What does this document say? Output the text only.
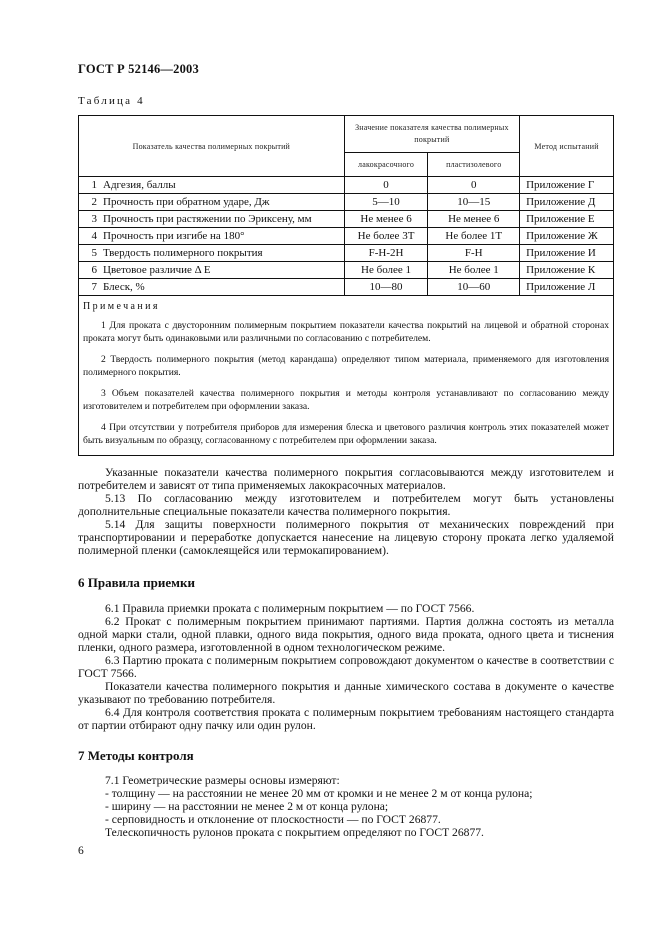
ГОСТ Р 52146—2003
Таблица 4
Показатель качества полимерных покрытий	Значение показателя качества полимерных покрытий		Метод испытаний
	лакокрасочного	пластизолевого	
1 Адгезия, баллы	0	0	Приложение Г
2 Прочность при обратном ударе, Дж	5—10	10—15	Приложение Д
3 Прочность при растяжении по Эриксену, мм	Не менее 6	Не менее 6	Приложение Е
4 Прочность при изгибе на 180°	Не более 3Т	Не более 1Т	Приложение Ж
5 Твердость полимерного покрытия	F-H-2H	F-H	Приложение И
6 Цветовое различие Δ E	Не более 1	Не более 1	Приложение К
7 Блеск, %	10—80	10—60	Приложение Л

Примечания

1 Для проката с двусторонним полимерным покрытием показатели качества покрытий на лицевой и обратной сторонах проката могут быть одинаковыми или различными по согласованию с потребителем.

2 Твердость полимерного покрытия (метод карандаша) определяют типом материала, применяемого для изготовления полимерного покрытия.

3 Объем показателей качества полимерного покрытия и методы контроля устанавливают по согласованию между изготовителем и потребителем при оформлении заказа.

4 При отсутствии у потребителя приборов для измерения блеска и цветового различия контроль этих показателей может быть визуальным по образцу, согласованному с потребителем при оформлении заказа.			

Указанные показатели качества полимерного покрытия согласовываются между изготовителем и потребителем и зависят от типа применяемых лакокрасочных материалов.

5.13 По согласованию между изготовителем и потребителем могут быть установлены дополнительные специальные показатели качества полимерного покрытия.

5.14 Для защиты поверхности полимерного покрытия от механических повреждений при транспортировании и переработке допускается нанесение на лицевую сторону проката легко удаляемой полимерной пленки (самоклеящейся или термокапированием).

6 Правила приемки

6.1 Правила приемки проката с полимерным покрытием — по ГОСТ 7566.

6.2 Прокат с полимерным покрытием принимают партиями. Партия должна состоять из металла одной марки стали, одной плавки, одного вида покрытия, одного вида проката, одного цвета и тиснения пленки, одного размера, изготовленной в одном технологическом режиме.

6.3 Партию проката с полимерным покрытием сопровождают документом о качестве в соответствии с ГОСТ 7566.

Показатели качества полимерного покрытия и данные химического состава в документе о качестве указывают по требованию потребителя.

6.4 Для контроля соответствия проката с полимерным покрытием требованиям настоящего стандарта от партии отбирают одну пачку или один рулон.

7 Методы контроля

7.1 Геометрические размеры основы измеряют:

- толщину — на расстоянии не менее 20 мм от кромки и не менее 2 м от конца рулона;

- ширину — на расстоянии не менее 2 м от конца рулона;

- серповидность и отклонение от плоскостности — по ГОСТ 26877.

Телескопичность рулонов проката с покрытием определяют по ГОСТ 26877.

6
